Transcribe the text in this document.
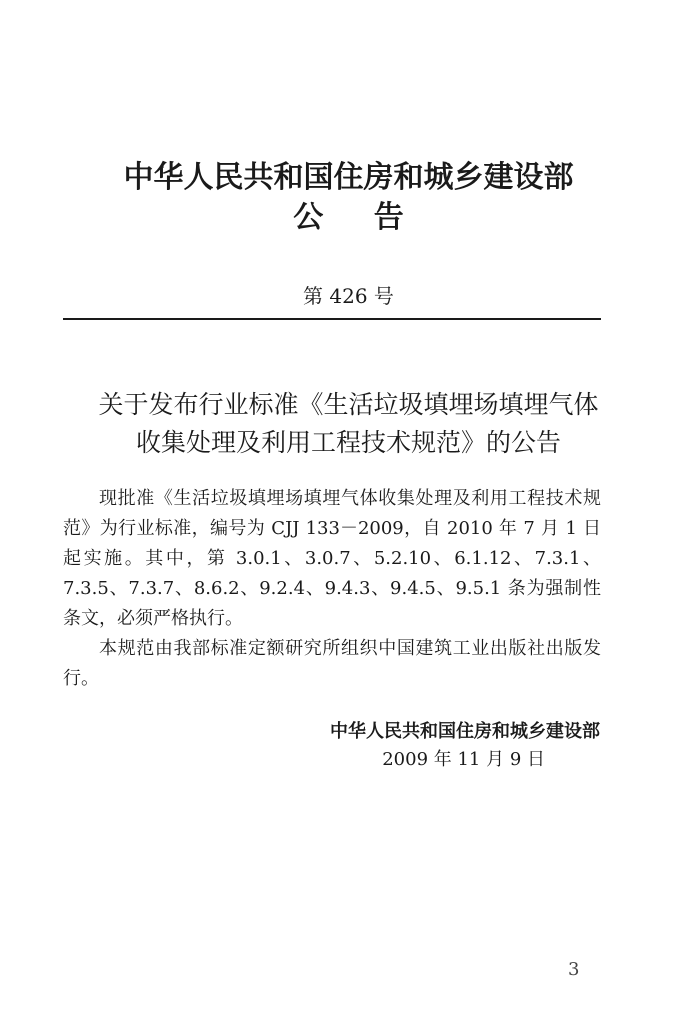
中华人民共和国住房和城乡建设部
公 告
第 426 号
关于发布行业标准《生活垃圾填埋场填埋气体
收集处理及利用工程技术规范》的公告

现批准《生活垃圾填埋场填埋气体收集处理及利用工程技术规范》为行业标准，编号为 CJJ 133－2009，自 2010 年 7 月 1 日起实施。其中，第 3.0.1、3.0.7、5.2.10、6.1.12、7.3.1、7.3.5、7.3.7、8.6.2、9.2.4、9.4.3、9.4.5、9.5.1 条为强制性条文，必须严格执行。

本规范由我部标准定额研究所组织中国建筑工业出版社出版发行。

中华人民共和国住房和城乡建设部
2009 年 11 月 9 日
3
